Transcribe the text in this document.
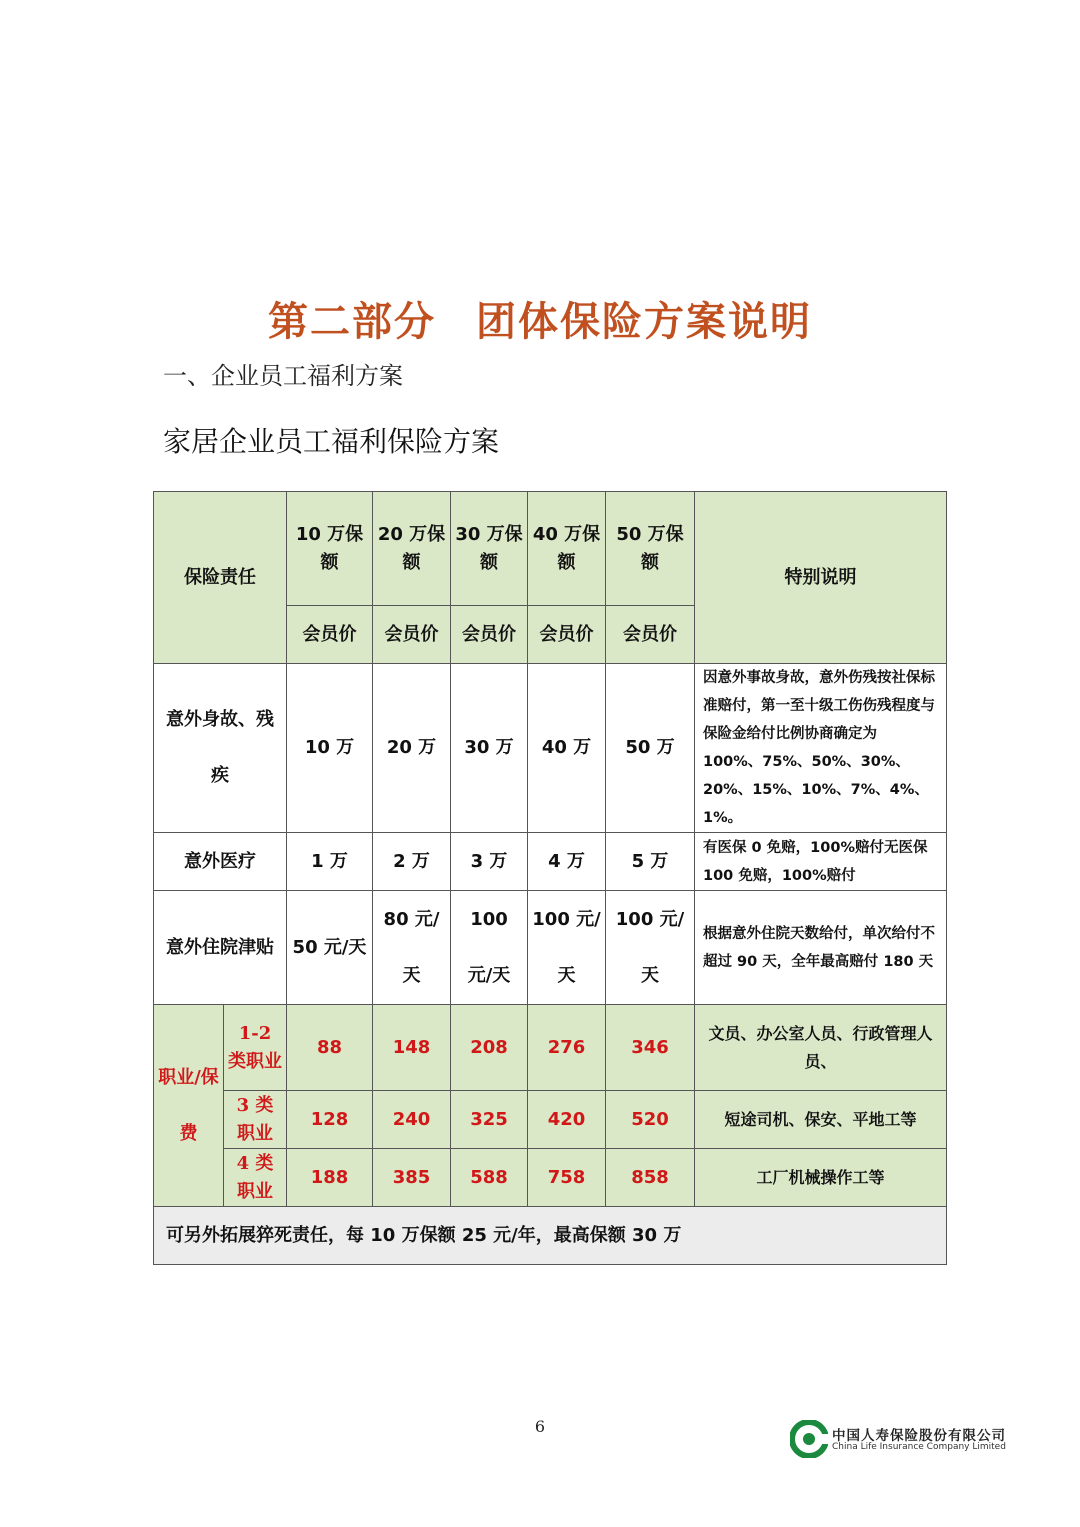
第二部分 团体保险方案说明

一、企业员工福利方案

家居企业员工福利保险方案

保险责任		10 万保额	20 万保额	30 万保额	40 万保额	50 万保额	特别说明
		会员价	会员价	会员价	会员价	会员价	
意外身故、残疾		10 万	20 万	30 万	40 万	50 万	因意外事故身故，意外伤残按社保标准赔付，第一至十级工伤伤残程度与保险金给付比例协商确定为 100%、75%、50%、30%、20%、15%、10%、7%、4%、1%。
意外医疗		1 万	2 万	3 万	4 万	5 万	有医保 0 免赔，100%赔付无医保 100 免赔，100%赔付
意外住院津贴		50 元/天	80 元/天	100 元/天	100 元/天	100 元/天	根据意外住院天数给付，单次给付不超过 90 天，全年最高赔付 180 天
职业/保费	1-2 类职业	88	148	208	276	346	文员、办公室人员、行政管理人员、
	3 类职业	128	240	325	420	520	短途司机、保安、平地工等
	4 类职业	188	385	588	758	858	工厂机械操作工等
可另外拓展猝死责任，每 10 万保额 25 元/年，最高保额 30 万							

6	中国人寿保险股份有限公司
China Life Insurance Company Limited
